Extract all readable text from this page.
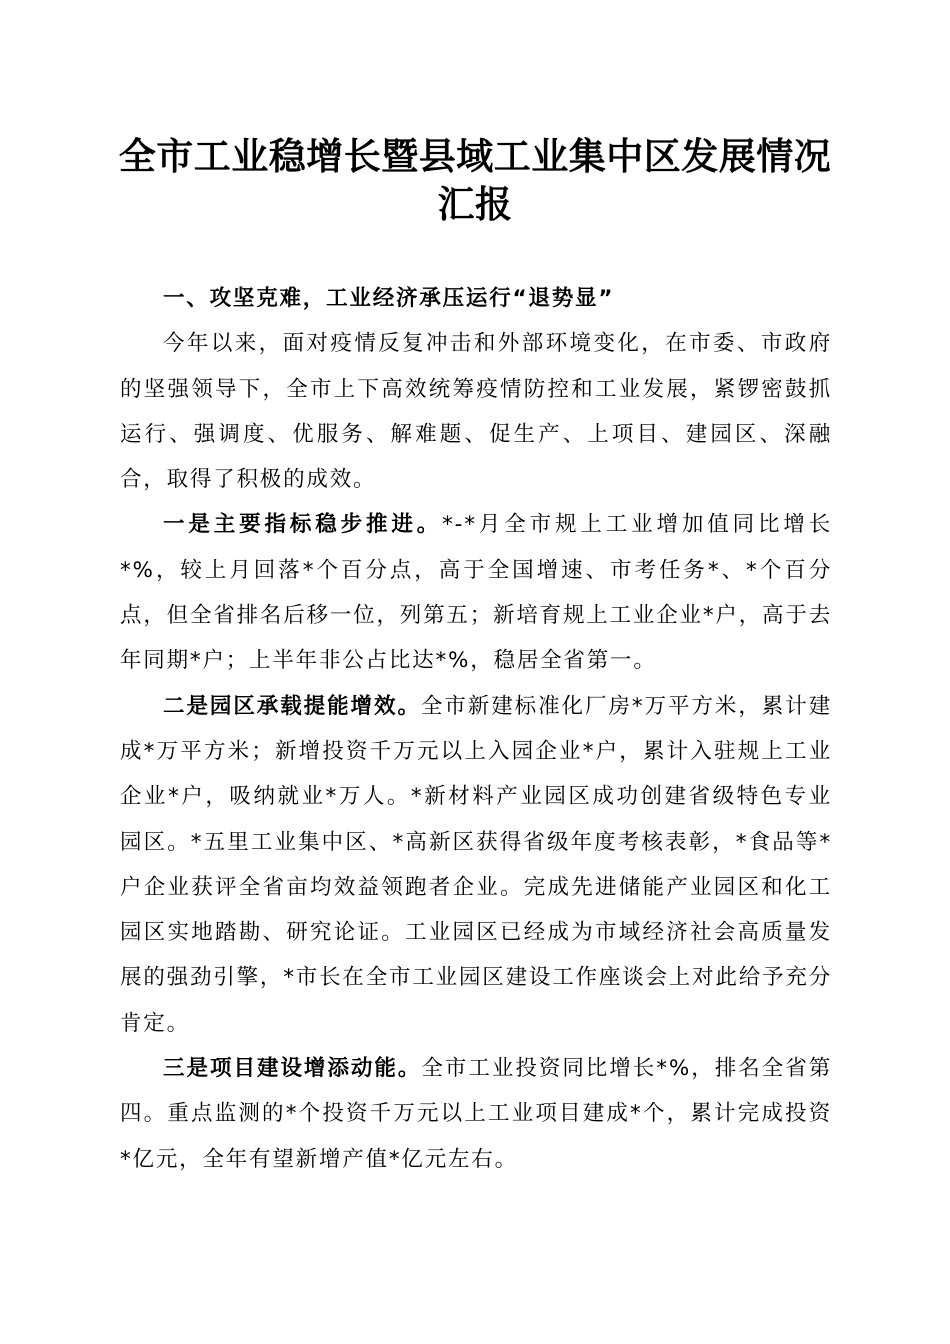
全市工业稳增长暨县域工业集中区发展情况汇报

一、攻坚克难，工业经济承压运行“退势显”

今年以来，面对疫情反复冲击和外部环境变化，在市委、市政府的坚强领导下，全市上下高效统筹疫情防控和工业发展，紧锣密鼓抓运行、强调度、优服务、解难题、促生产、上项目、建园区、深融合，取得了积极的成效。

一是主要指标稳步推进。*-*月全市规上工业增加值同比增长*%，较上月回落*个百分点，高于全国增速、市考任务*、*个百分点，但全省排名后移一位，列第五；新培育规上工业企业*户，高于去年同期*户；上半年非公占比达*%，稳居全省第一。

二是园区承载提能增效。全市新建标准化厂房*万平方米，累计建成*万平方米；新增投资千万元以上入园企业*户，累计入驻规上工业企业*户，吸纳就业*万人。*新材料产业园区成功创建省级特色专业园区。*五里工业集中区、*高新区获得省级年度考核表彰，*食品等*户企业获评全省亩均效益领跑者企业。完成先进储能产业园区和化工园区实地踏勘、研究论证。工业园区已经成为市域经济社会高质量发展的强劲引擎，*市长在全市工业园区建设工作座谈会上对此给予充分肯定。

三是项目建设增添动能。全市工业投资同比增长*%，排名全省第四。重点监测的*个投资千万元以上工业项目建成*个，累计完成投资*亿元，全年有望新增产值*亿元左右。
